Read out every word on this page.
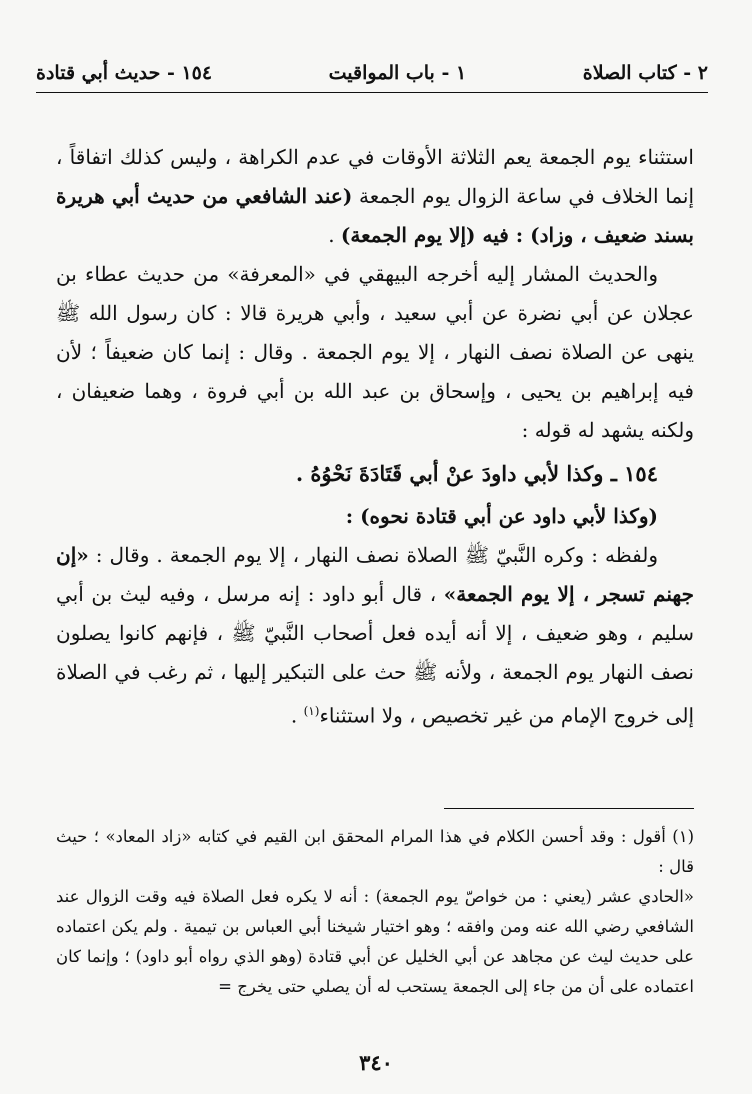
٢ - كتاب الصلاة
١ - باب المواقيت
١٥٤ - حديث أبي قتادة

استثناء يوم الجمعة يعم الثلاثة الأوقات في عدم الكراهة ، وليس كذلك اتفاقاً ، إنما الخلاف في ساعة الزوال يوم الجمعة (عند الشافعي من حديث أبي هريرة بسند ضعيف ، وزاد) : فيه (إلا يوم الجمعة) .

والحديث المشار إليه أخرجه البيهقي في «المعرفة» من حديث عطاء بن عجلان عن أبي نضرة عن أبي سعيد ، وأبي هريرة قالا : كان رسول الله ﷺ ينهى عن الصلاة نصف النهار ، إلا يوم الجمعة . وقال : إنما كان ضعيفاً ؛ لأن فيه إبراهيم بن يحيى ، وإسحاق بن عبد الله بن أبي فروة ، وهما ضعيفان ، ولكنه يشهد له قوله :

١٥٤ ـ وكذا لأبي داودَ عنْ أبي قَتَادَةَ نَحْوُهُ .

(وكذا لأبي داود عن أبي قتادة نحوه) :

ولفظه : وكره النَّبيّ ﷺ الصلاة نصف النهار ، إلا يوم الجمعة . وقال : «إن جهنم تسجر ، إلا يوم الجمعة» ، قال أبو داود : إنه مرسل ، وفيه ليث بن أبي سليم ، وهو ضعيف ، إلا أنه أيده فعل أصحاب النَّبيّ ﷺ ، فإنهم كانوا يصلون نصف النهار يوم الجمعة ، ولأنه ﷺ حث على التبكير إليها ، ثم رغب في الصلاة إلى خروج الإمام من غير تخصيص ، ولا استثناء$^{(١)}$ .

(١) أقول : وقد أحسن الكلام في هذا المرام المحقق ابن القيم في كتابه «زاد المعاد» ؛ حيث قال :

«الحادي عشر (يعني : من خواصّ يوم الجمعة) : أنه لا يكره فعل الصلاة فيه وقت الزوال عند الشافعي رضي الله عنه ومن وافقه ؛ وهو اختيار شيخنا أبي العباس بن تيمية . ولم يكن اعتماده على حديث ليث عن مجاهد عن أبي الخليل عن أبي قتادة (وهو الذي رواه أبو داود) ؛ وإنما كان اعتماده على أن من جاء إلى الجمعة يستحب له أن يصلي حتى يخرج =

٣٤٠
